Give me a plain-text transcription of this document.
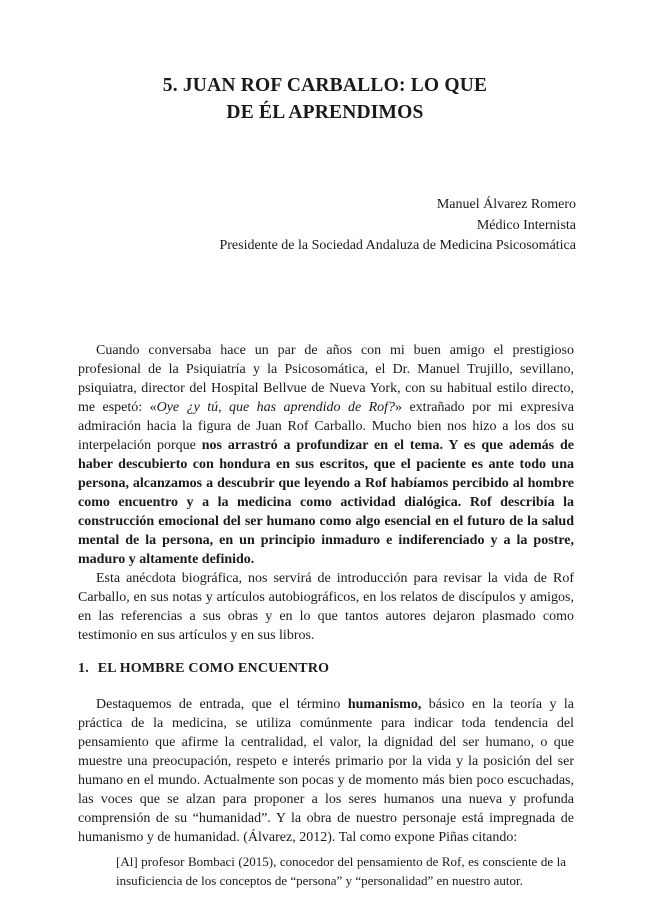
5. JUAN ROF CARBALLO: LO QUE
DE ÉL APRENDIMOS
Manuel Álvarez Romero
Médico Internista
Presidente de la Sociedad Andaluza de Medicina Psicosomática

Cuando conversaba hace un par de años con mi buen amigo el prestigioso profesional de la Psiquiatría y la Psicosomática, el Dr. Manuel Trujillo, sevillano, psiquiatra, director del Hospital Bellvue de Nueva York, con su habitual estilo directo, me espetó: «Oye ¿y tú, que has aprendido de Rof?» extrañado por mi expresiva admiración hacia la figura de Juan Rof Carballo. Mucho bien nos hizo a los dos su interpelación porque nos arrastró a profundizar en el tema. Y es que además de haber descubierto con hondura en sus escritos, que el paciente es ante todo una persona, alcanzamos a descubrir que leyendo a Rof habíamos percibido al hombre como encuentro y a la medicina como actividad dialógica. Rof describía la construcción emocional del ser humano como algo esencial en el futuro de la salud mental de la persona, en un principio inmaduro e indiferenciado y a la postre, maduro y altamente definido.

Esta anécdota biográfica, nos servirá de introducción para revisar la vida de Rof Carballo, en sus notas y artículos autobiográficos, en los relatos de discípulos y amigos, en las referencias a sus obras y en lo que tantos autores dejaron plasmado como testimonio en sus artículos y en sus libros.

1. EL HOMBRE COMO ENCUENTRO

Destaquemos de entrada, que el término humanismo, básico en la teoría y la práctica de la medicina, se utiliza comúnmente para indicar toda tendencia del pensamiento que afirme la centralidad, el valor, la dignidad del ser humano, o que muestre una preocupación, respeto e interés primario por la vida y la posición del ser humano en el mundo. Actualmente son pocas y de momento más bien poco escuchadas, las voces que se alzan para proponer a los seres humanos una nueva y profunda comprensión de su “humanidad”. Y la obra de nuestro personaje está impregnada de humanismo y de humanidad. (Álvarez, 2012). Tal como expone Piñas citando:

[Al] profesor Bombaci (2015), conocedor del pensamiento de Rof, es consciente de la insuficiencia de los conceptos de “persona” y “personalidad” en nuestro autor.
